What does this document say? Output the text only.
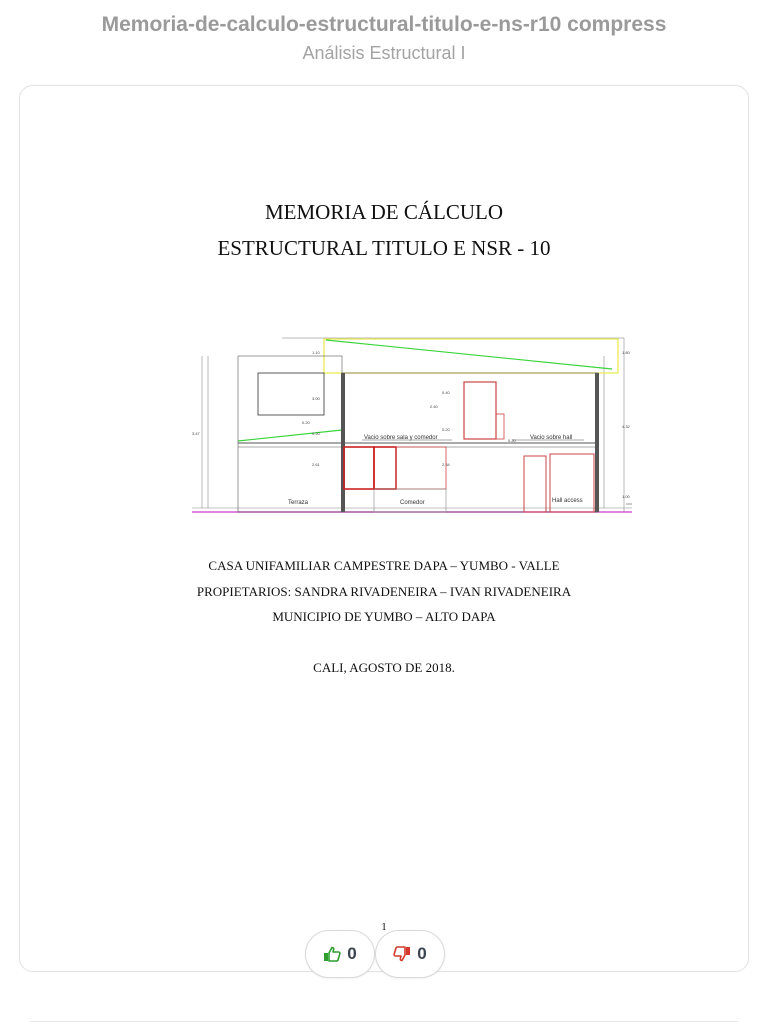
Memoria-de-calculo-estructural-titulo-e-ns-r10 compress
Análisis Estructural I
MEMORIA DE CÁLCULO
ESTRUCTURAL TITULO E NSR - 10
Vacio sobre sala y comedor	Vacio sobre hall
Terraza	Comedor	Hall access
1.10	1.80
3.00
2.40
0.20
0.20
0.20
0.20
3.47
2.61	2.34
1.00
4.32
0.40
CASA UNIFAMILIAR CAMPESTRE DAPA – YUMBO - VALLE
PROPIETARIOS: SANDRA RIVADENEIRA – IVAN RIVADENEIRA
MUNICIPIO DE YUMBO – ALTO DAPA
CALI, AGOSTO DE 2018.
1
0	0
